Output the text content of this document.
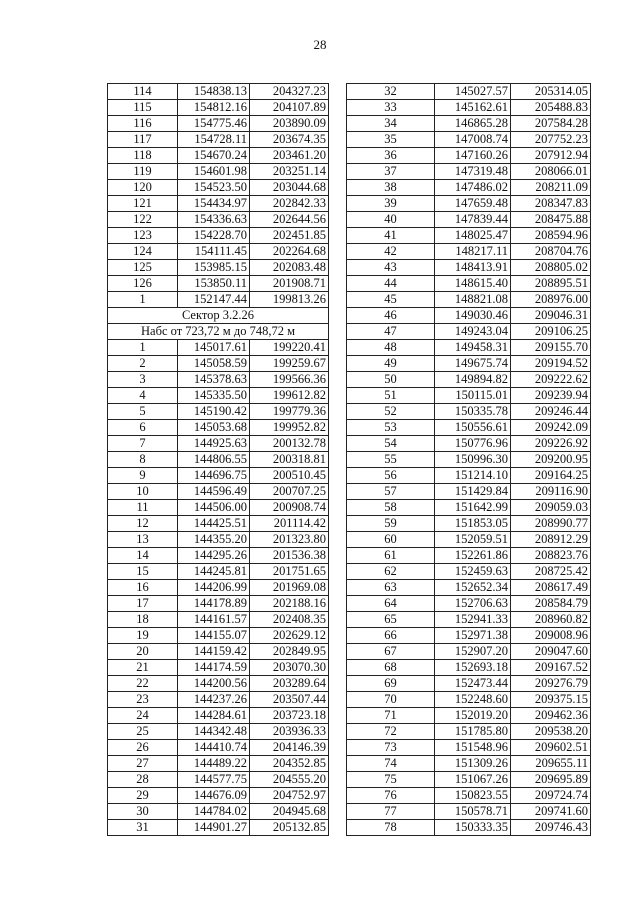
28
114	154838.13	204327.23
115	154812.16	204107.89
116	154775.46	203890.09
117	154728.11	203674.35
118	154670.24	203461.20
119	154601.98	203251.14
120	154523.50	203044.68
121	154434.97	202842.33
122	154336.63	202644.56
123	154228.70	202451.85
124	154111.45	202264.68
125	153985.15	202083.48
126	153850.11	201908.71
1	152147.44	199813.26
Сектор 3.2.26		
Набс от 723,72 м до 748,72 м		
1	145017.61	199220.41
2	145058.59	199259.67
3	145378.63	199566.36
4	145335.50	199612.82
5	145190.42	199779.36
6	145053.68	199952.82
7	144925.63	200132.78
8	144806.55	200318.81
9	144696.75	200510.45
10	144596.49	200707.25
11	144506.00	200908.74
12	144425.51	201114.42
13	144355.20	201323.80
14	144295.26	201536.38
15	144245.81	201751.65
16	144206.99	201969.08
17	144178.89	202188.16
18	144161.57	202408.35
19	144155.07	202629.12
20	144159.42	202849.95
21	144174.59	203070.30
22	144200.56	203289.64
23	144237.26	203507.44
24	144284.61	203723.18
25	144342.48	203936.33
26	144410.74	204146.39
27	144489.22	204352.85
28	144577.75	204555.20
29	144676.09	204752.97
30	144784.02	204945.68
31	144901.27	205132.85
32	145027.57	205314.05
33	145162.61	205488.83
34	146865.28	207584.28
35	147008.74	207752.23
36	147160.26	207912.94
37	147319.48	208066.01
38	147486.02	208211.09
39	147659.48	208347.83
40	147839.44	208475.88
41	148025.47	208594.96
42	148217.11	208704.76
43	148413.91	208805.02
44	148615.40	208895.51
45	148821.08	208976.00
46	149030.46	209046.31
47	149243.04	209106.25
48	149458.31	209155.70
49	149675.74	209194.52
50	149894.82	209222.62
51	150115.01	209239.94
52	150335.78	209246.44
53	150556.61	209242.09
54	150776.96	209226.92
55	150996.30	209200.95
56	151214.10	209164.25
57	151429.84	209116.90
58	151642.99	209059.03
59	151853.05	208990.77
60	152059.51	208912.29
61	152261.86	208823.76
62	152459.63	208725.42
63	152652.34	208617.49
64	152706.63	208584.79
65	152941.33	208960.82
66	152971.38	209008.96
67	152907.20	209047.60
68	152693.18	209167.52
69	152473.44	209276.79
70	152248.60	209375.15
71	152019.20	209462.36
72	151785.80	209538.20
73	151548.96	209602.51
74	151309.26	209655.11
75	151067.26	209695.89
76	150823.55	209724.74
77	150578.71	209741.60
78	150333.35	209746.43
